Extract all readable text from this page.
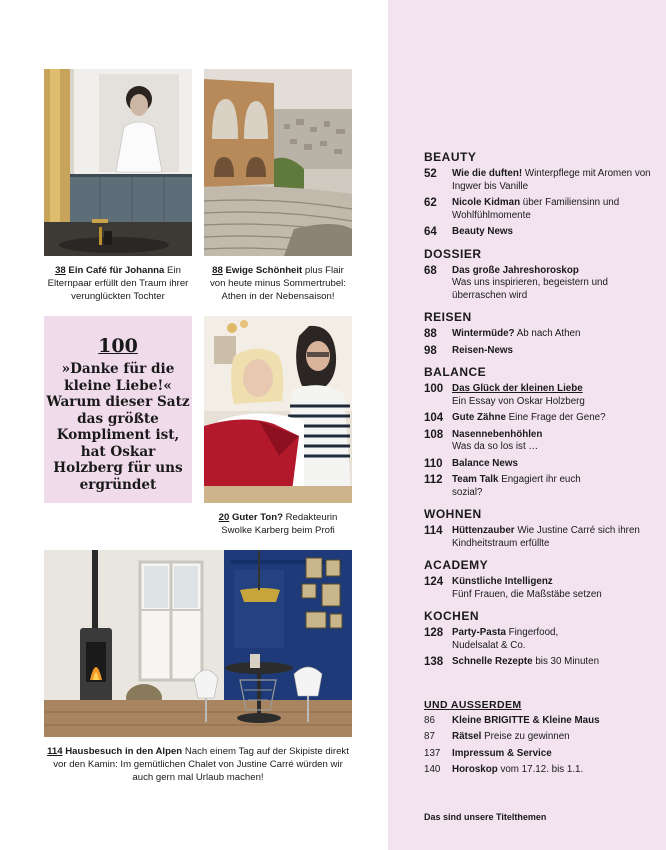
38 Ein Café für Johanna Ein Elternpaar erfüllt den Traum ihrer verunglückten Tochter
88 Ewige Schönheit plus Flair von heute minus Sommertrubel: Athen in der Nebensaison!
100
»Danke für die kleine Liebe!« Warum dieser Satz das größte Kompliment ist, hat Oskar Holzberg für uns ergründet
20 Guter Ton? Redakteurin Swolke Karberg beim Profi
114 Hausbesuch in den Alpen Nach einem Tag auf der Skipiste direkt vor den Kamin: Im gemütlichen Chalet von Justine Carré würden wir auch gern mal Urlaub machen!
BEAUTY
52	Wie die duften! Winterpflege mit Aromen von Ingwer bis Vanille
62	Nicole Kidman über Familiensinn und Wohlfühlmomente
64	Beauty News
DOSSIER
68	Das große Jahreshoroskop
Was uns inspirieren, begeistern und überraschen wird
REISEN
88	Wintermüde? Ab nach Athen
98	Reisen-News
BALANCE
100 Das Glück der kleinen Liebe
Ein Essay von Oskar Holzberg
104 Gute Zähne Eine Frage der Gene?
108 Nasennebenhöhlen
Was da so los ist …
110 Balance News
112 Team Talk Engagiert ihr euch sozial?
WOHNEN
114 Hüttenzauber Wie Justine Carré sich ihren Kindheitstraum erfüllte
ACADEMY
124 Künstliche Intelligenz
Fünf Frauen, die Maßstäbe setzen
KOCHEN
128 Party-Pasta Fingerfood, Nudelsalat & Co.
138 Schnelle Rezepte bis 30 Minuten
UND AUSSERDEM
86	Kleine BRIGITTE & Kleine Maus
87	Rätsel Preise zu gewinnen
137	Impressum & Service
140	Horoskop vom 17.12. bis 1.1.
Das sind unsere Titelthemen
